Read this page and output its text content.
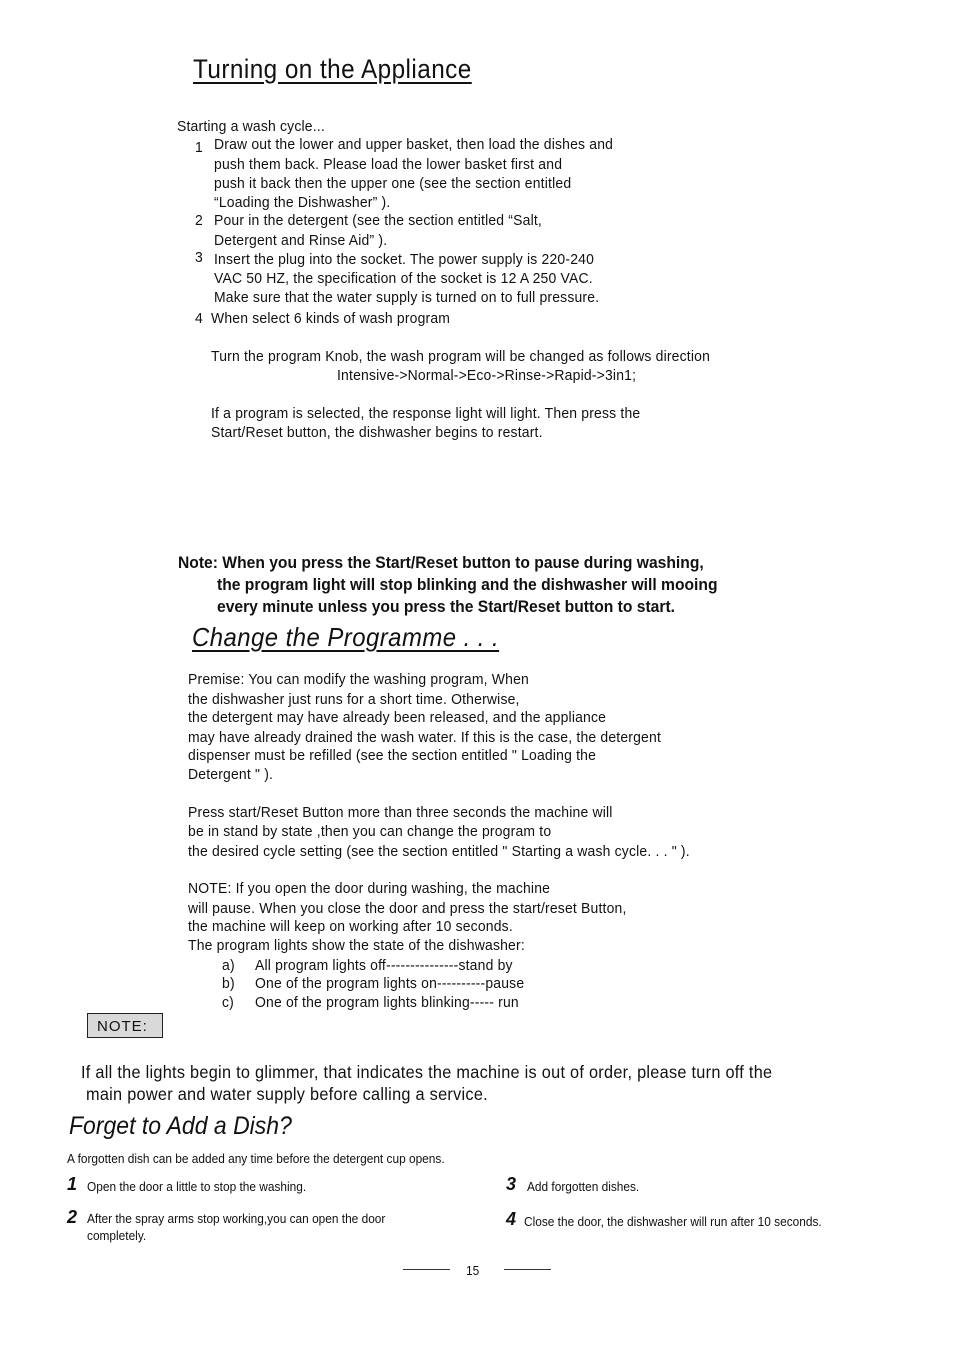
Turning on the Appliance
Starting a wash cycle...
1 Draw out the lower and upper basket, then load the dishes and
push them back. Please load the lower basket first and
push it back then the upper one (see the section entitled
“Loading the Dishwasher” ).
2 Pour in the detergent (see the section entitled “Salt,
Detergent and Rinse Aid” ).
3 Insert the plug into the socket. The power supply is 220-240
VAC 50 HZ, the specification of the socket is 12 A 250 VAC.
Make sure that the water supply is turned on to full pressure.
4 When select 6 kinds of wash program
Turn the program Knob, the wash program will be changed as follows direction
Intensive->Normal->Eco->Rinse->Rapid->3in1;
If a program is selected, the response light will light. Then press the
Start/Reset button, the dishwasher begins to restart.
Note: When you press the Start/Reset button to pause during washing,
the program light will stop blinking and the dishwasher will mooing
every minute unless you press the Start/Reset button to start.
Change the Programme . . .
Premise: You can modify the washing program, When
the dishwasher just runs for a short time. Otherwise,
the detergent may have already been released, and the appliance
may have already drained the wash water. If this is the case, the detergent
dispenser must be refilled (see the section entitled " Loading the
Detergent " ).
Press start/Reset Button more than three seconds the machine will
be in stand by state ,then you can change the program to
the desired cycle setting (see the section entitled " Starting a wash cycle. . . " ).
NOTE: If you open the door during washing, the machine
will pause. When you close the door and press the start/reset Button,
the machine will keep on working after 10 seconds.
The program lights show the state of the dishwasher:
a) All program lights off---------------stand by
b) One of the program lights on----------pause
c) One of the program lights blinking----- run
NOTE:
If all the lights begin to glimmer, that indicates the machine is out of order, please turn off the
main power and water supply before calling a service.
Forget to Add a Dish?
A forgotten dish can be added any time before the detergent cup opens.
1 Open the door a little to stop the washing.
2 After the spray arms stop working,you can open the door
completely.
3 Add forgotten dishes.
4 Close the door, the dishwasher will run after 10 seconds.
15
